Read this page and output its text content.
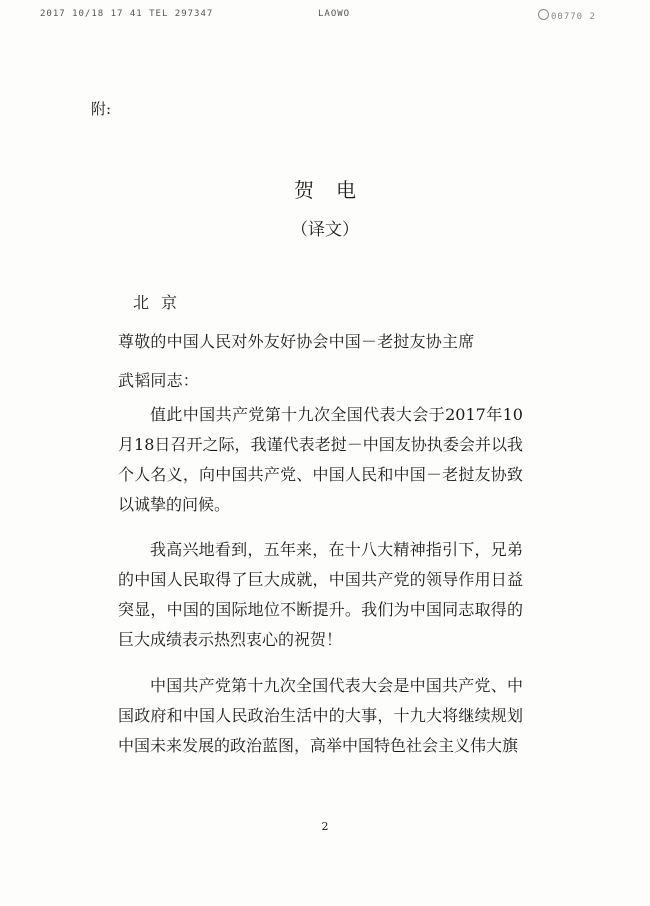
2017 10/18 17 41 TEL 297347	LAOWO	00770 2
附:
贺电
（译文）
北京
尊敬的中国人民对外友好协会中国－老挝友协主席
武韬同志：

值此中国共产党第十九次全国代表大会于2017年10月18日召开之际，我谨代表老挝－中国友协执委会并以我个人名义，向中国共产党、中国人民和中国－老挝友协致以诚挚的问候。

我高兴地看到，五年来，在十八大精神指引下，兄弟的中国人民取得了巨大成就，中国共产党的领导作用日益突显，中国的国际地位不断提升。我们为中国同志取得的巨大成绩表示热烈衷心的祝贺！

中国共产党第十九次全国代表大会是中国共产党、中国政府和中国人民政治生活中的大事，十九大将继续规划中国未来发展的政治蓝图，高举中国特色社会主义伟大旗

2
